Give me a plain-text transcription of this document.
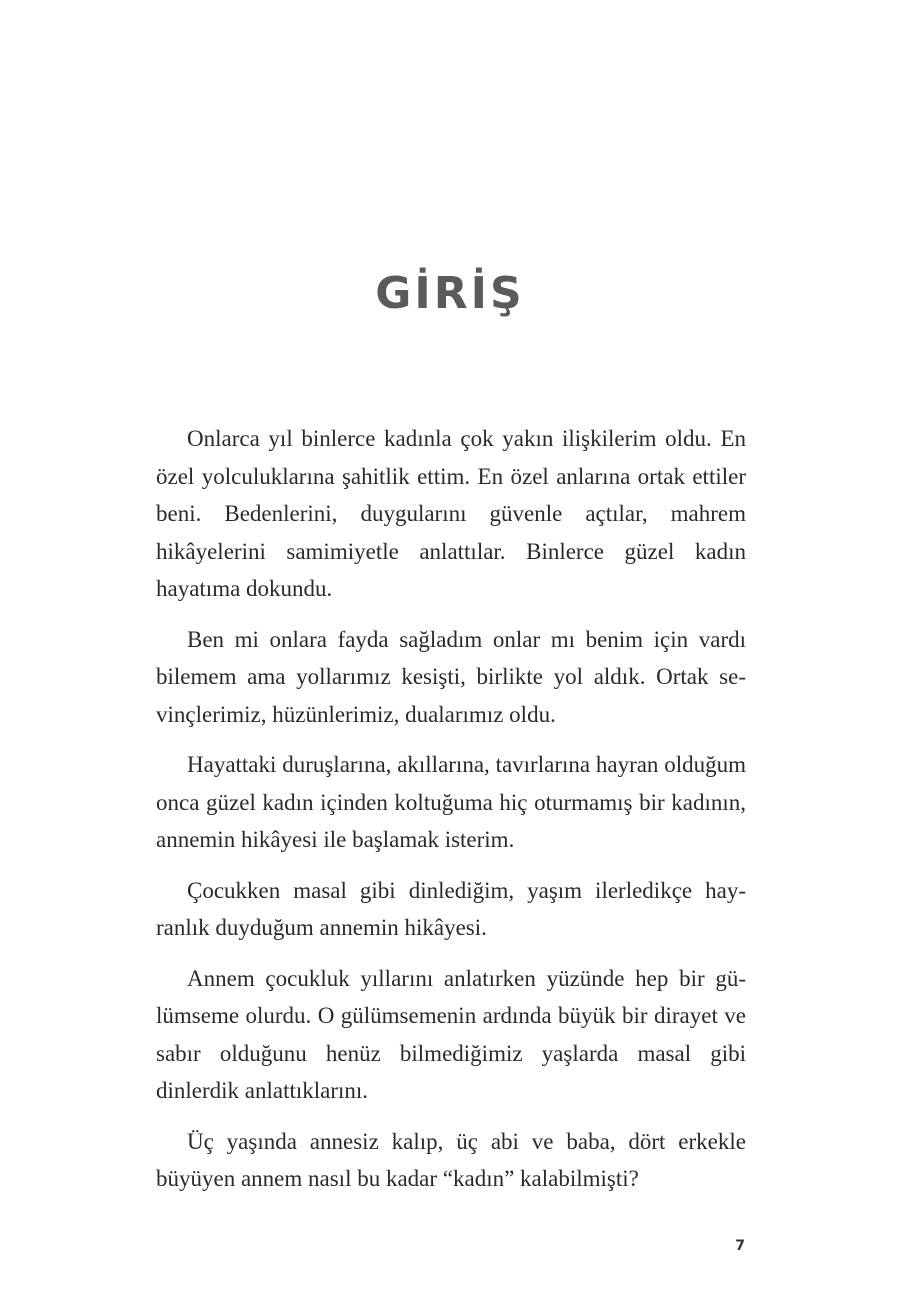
GİRİŞ

Onlarca yıl binlerce kadınla çok yakın ilişkilerim oldu. En özel yolculuklarına şahitlik ettim. En özel anlarına ortak ettiler beni. Bedenlerini, duygularını güvenle açtılar, mahrem hikâyelerini samimiyetle anlattılar. Binlerce güzel kadın hayatıma dokundu.

Ben mi onlara fayda sağladım onlar mı benim için vardı bilemem ama yollarımız kesişti, birlikte yol aldık. Ortak sevinçlerimiz, hüzünlerimiz, dualarımız oldu.

Hayattaki duruşlarına, akıllarına, tavırlarına hayran olduğum onca güzel kadın içinden koltuğuma hiç oturmamış bir kadının, annemin hikâyesi ile başlamak isterim.

Çocukken masal gibi dinlediğim, yaşım ilerledikçe hayranlık duyduğum annemin hikâyesi.

Annem çocukluk yıllarını anlatırken yüzünde hep bir gülümseme olurdu. O gülümsemenin ardında büyük bir dirayet ve sabır olduğunu henüz bilmediğimiz yaşlarda masal gibi dinlerdik anlattıklarını.

Üç yaşında annesiz kalıp, üç abi ve baba, dört erkekle büyüyen annem nasıl bu kadar “kadın” kalabilmişti?

7
